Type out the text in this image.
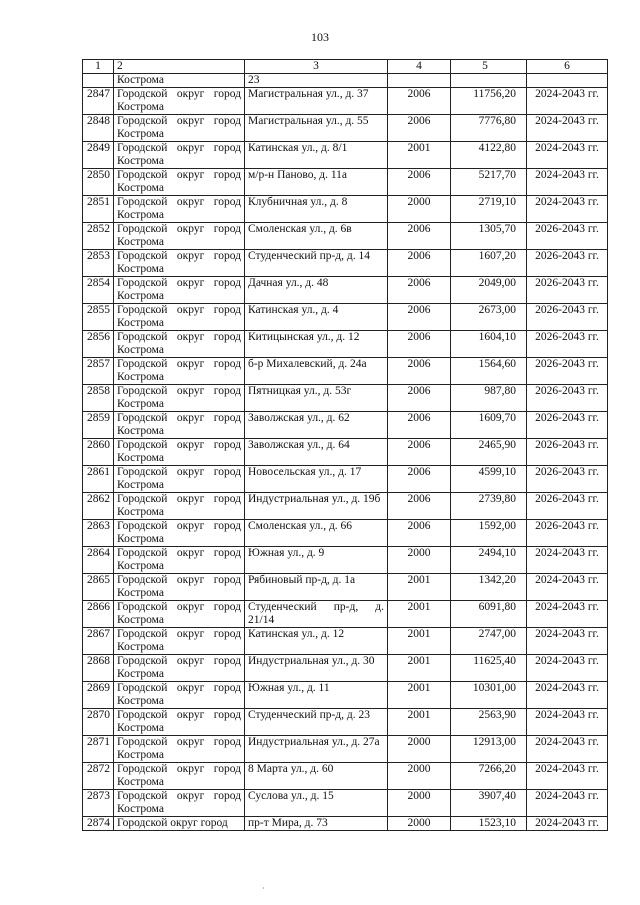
103
1	2	3	4	5	6
	Кострома	23			
2847	Городской округ город Кострома	Магистральная ул., д. 37	2006	11756,20	2024-2043 гг.
2848	Городской округ город Кострома	Магистральная ул., д. 55	2006	7776,80	2024-2043 гг.
2849	Городской округ город Кострома	Катинская ул., д. 8/1	2001	4122,80	2024-2043 гг.
2850	Городской округ город Кострома	м/р-н Паново, д. 11а	2006	5217,70	2024-2043 гг.
2851	Городской округ город Кострома	Клубничная ул., д. 8	2000	2719,10	2024-2043 гг.
2852	Городской округ город Кострома	Смоленская ул., д. 6в	2006	1305,70	2026-2043 гг.
2853	Городской округ город Кострома	Студенческий пр-д, д. 14	2006	1607,20	2026-2043 гг.
2854	Городской округ город Кострома	Дачная ул., д. 48	2006	2049,00	2026-2043 гг.
2855	Городской округ город Кострома	Катинская ул., д. 4	2006	2673,00	2026-2043 гг.
2856	Городской округ город Кострома	Китицынская ул., д. 12	2006	1604,10	2026-2043 гг.
2857	Городской округ город Кострома	б-р Михалевский, д. 24а	2006	1564,60	2026-2043 гг.
2858	Городской округ город Кострома	Пятницкая ул., д. 53г	2006	987,80	2026-2043 гг.
2859	Городской округ город Кострома	Заволжская ул., д. 62	2006	1609,70	2026-2043 гг.
2860	Городской округ город Кострома	Заволжская ул., д. 64	2006	2465,90	2026-2043 гг.
2861	Городской округ город Кострома	Новосельская ул., д. 17	2006	4599,10	2026-2043 гг.
2862	Городской округ город Кострома	Индустриальная ул., д. 19б	2006	2739,80	2026-2043 гг.
2863	Городской округ город Кострома	Смоленская ул., д. 66	2006	1592,00	2026-2043 гг.
2864	Городской округ город Кострома	Южная ул., д. 9	2000	2494,10	2024-2043 гг.
2865	Городской округ город Кострома	Рябиновый пр-д, д. 1а	2001	1342,20	2024-2043 гг.
2866	Городской округ город Кострома	Студенческий пр-д, д. 21/14	2001	6091,80	2024-2043 гг.
2867	Городской округ город Кострома	Катинская ул., д. 12	2001	2747,00	2024-2043 гг.
2868	Городской округ город Кострома	Индустриальная ул., д. 30	2001	11625,40	2024-2043 гг.
2869	Городской округ город Кострома	Южная ул., д. 11	2001	10301,00	2024-2043 гг.
2870	Городской округ город Кострома	Студенческий пр-д, д. 23	2001	2563,90	2024-2043 гг.
2871	Городской округ город Кострома	Индустриальная ул., д. 27а	2000	12913,00	2024-2043 гг.
2872	Городской округ город Кострома	8 Марта ул., д. 60	2000	7266,20	2024-2043 гг.
2873	Городской округ город Кострома	Суслова ул., д. 15	2000	3907,40	2024-2043 гг.
2874	Городской округ город	пр-т Мира, д. 73	2000	1523,10	2024-2043 гг.
·
